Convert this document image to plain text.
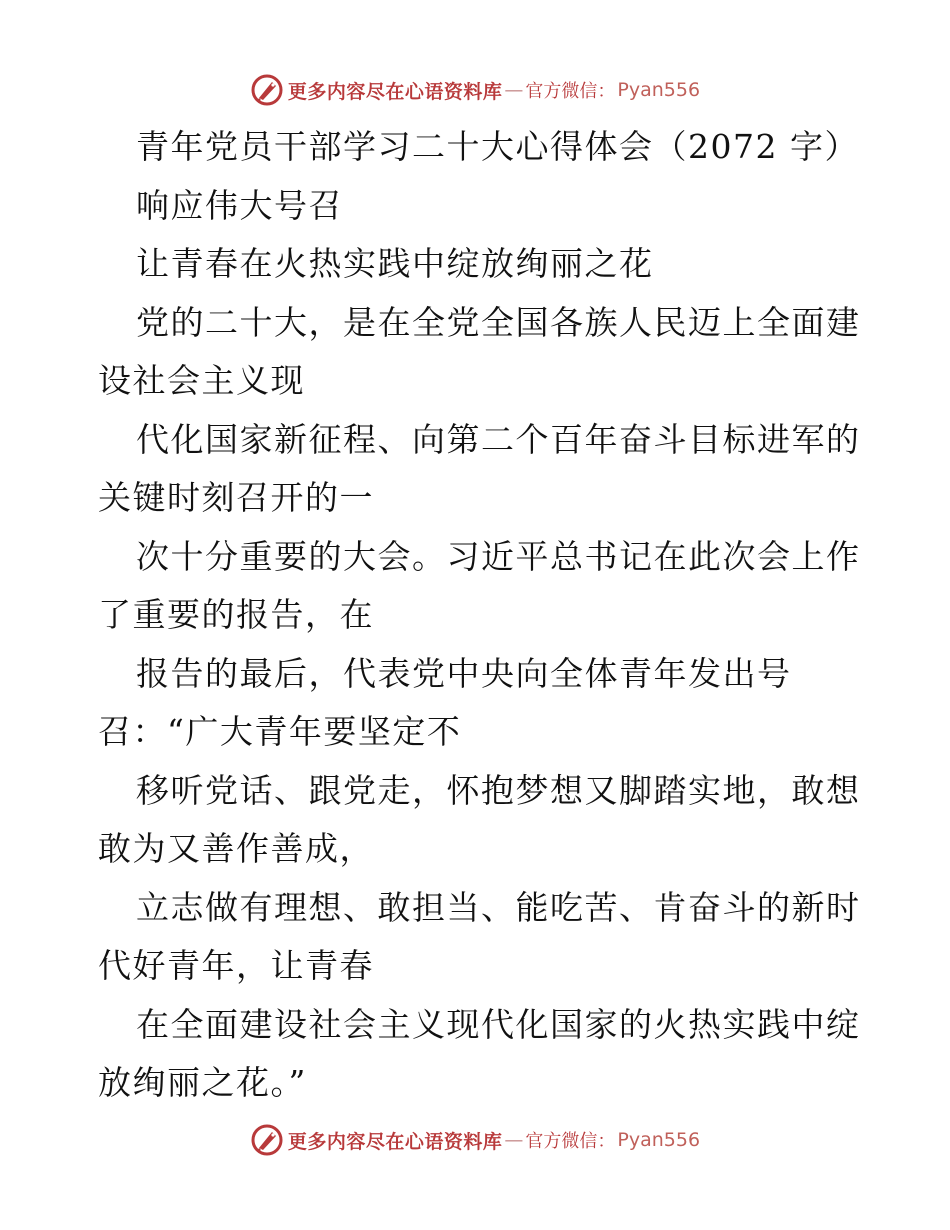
更多内容尽在心语资料库 — 官方微信： Pyan556
青年党员干部学习二十大心得体会（2072 字）
响应伟大号召
让青春在火热实践中绽放绚丽之花
党的二十大，是在全党全国各族人民迈上全面建
设社会主义现
代化国家新征程、向第二个百年奋斗目标进军的
关键时刻召开的一
次十分重要的大会。习近平总书记在此次会上作
了重要的报告，在
报告的最后，代表党中央向全体青年发出号
召：“广大青年要坚定不
移听党话、跟党走，怀抱梦想又脚踏实地，敢想
敢为又善作善成，
立志做有理想、敢担当、能吃苦、肯奋斗的新时
代好青年，让青春
在全面建设社会主义现代化国家的火热实践中绽
放绚丽之花。”
更多内容尽在心语资料库 — 官方微信： Pyan556
